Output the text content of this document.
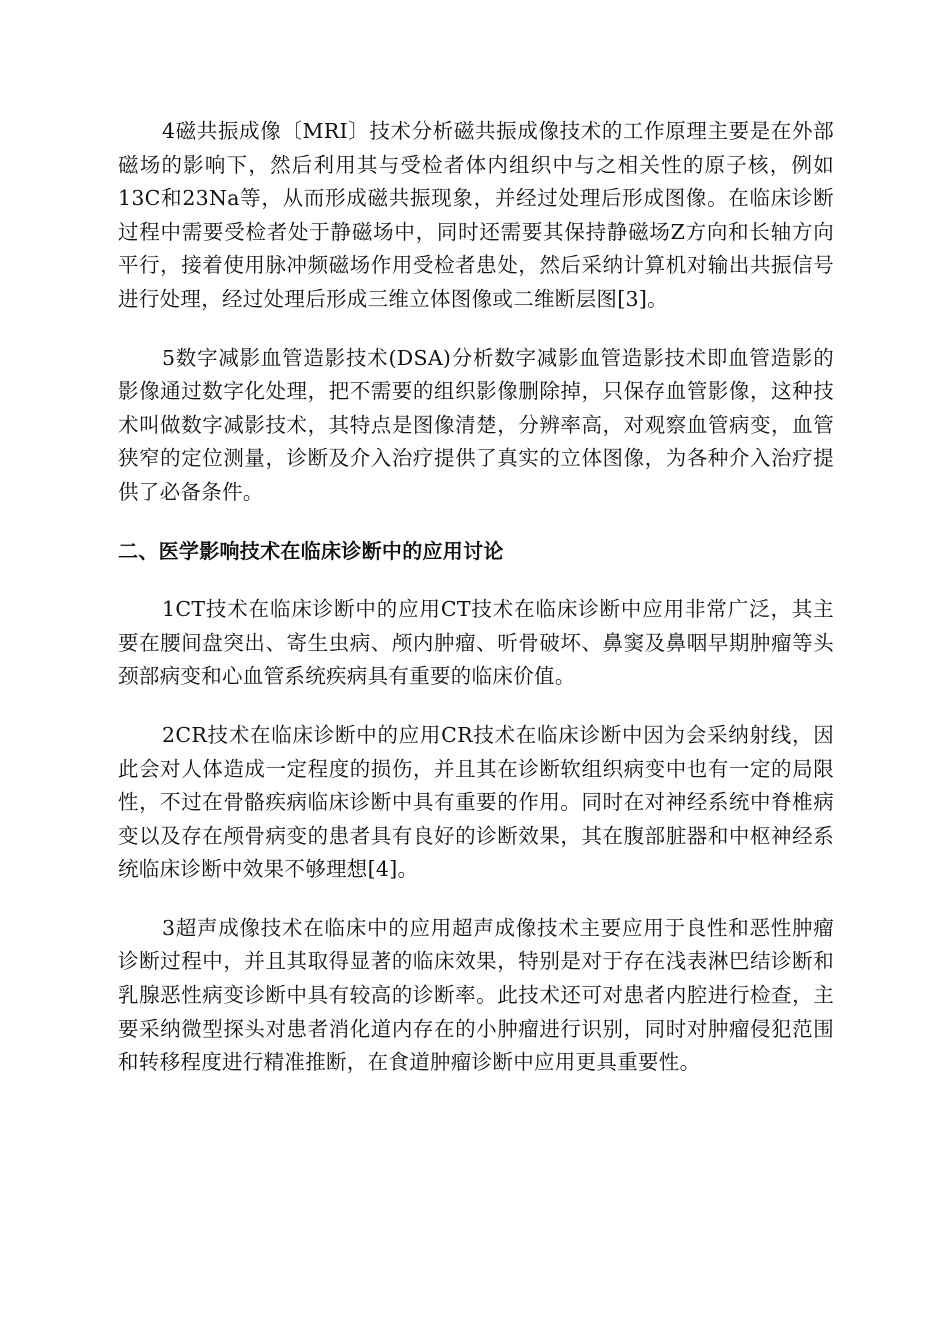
4磁共振成像〔MRI〕技术分析磁共振成像技术的工作原理主要是在外部磁场的影响下，然后利用其与受检者体内组织中与之相关性的原子核，例如13C和23Na等，从而形成磁共振现象，并经过处理后形成图像。在临床诊断过程中需要受检者处于静磁场中，同时还需要其保持静磁场Z方向和长轴方向平行，接着使用脉冲频磁场作用受检者患处，然后采纳计算机对输出共振信号进行处理，经过处理后形成三维立体图像或二维断层图[3]。

5数字减影血管造影技术(DSA)分析数字减影血管造影技术即血管造影的影像通过数字化处理，把不需要的组织影像删除掉，只保存血管影像，这种技术叫做数字减影技术，其特点是图像清楚，分辨率高，对观察血管病变，血管狭窄的定位测量，诊断及介入治疗提供了真实的立体图像，为各种介入治疗提供了必备条件。

二、医学影响技术在临床诊断中的应用讨论

1CT技术在临床诊断中的应用CT技术在临床诊断中应用非常广泛，其主要在腰间盘突出、寄生虫病、颅内肿瘤、听骨破坏、鼻窦及鼻咽早期肿瘤等头颈部病变和心血管系统疾病具有重要的临床价值。

2CR技术在临床诊断中的应用CR技术在临床诊断中因为会采纳射线，因此会对人体造成一定程度的损伤，并且其在诊断软组织病变中也有一定的局限性，不过在骨骼疾病临床诊断中具有重要的作用。同时在对神经系统中脊椎病变以及存在颅骨病变的患者具有良好的诊断效果，其在腹部脏器和中枢神经系统临床诊断中效果不够理想[4]。

3超声成像技术在临床中的应用超声成像技术主要应用于良性和恶性肿瘤诊断过程中，并且其取得显著的临床效果，特别是对于存在浅表淋巴结诊断和乳腺恶性病变诊断中具有较高的诊断率。此技术还可对患者内腔进行检查，主要采纳微型探头对患者消化道内存在的小肿瘤进行识别，同时对肿瘤侵犯范围和转移程度进行精准推断，在食道肿瘤诊断中应用更具重要性。
